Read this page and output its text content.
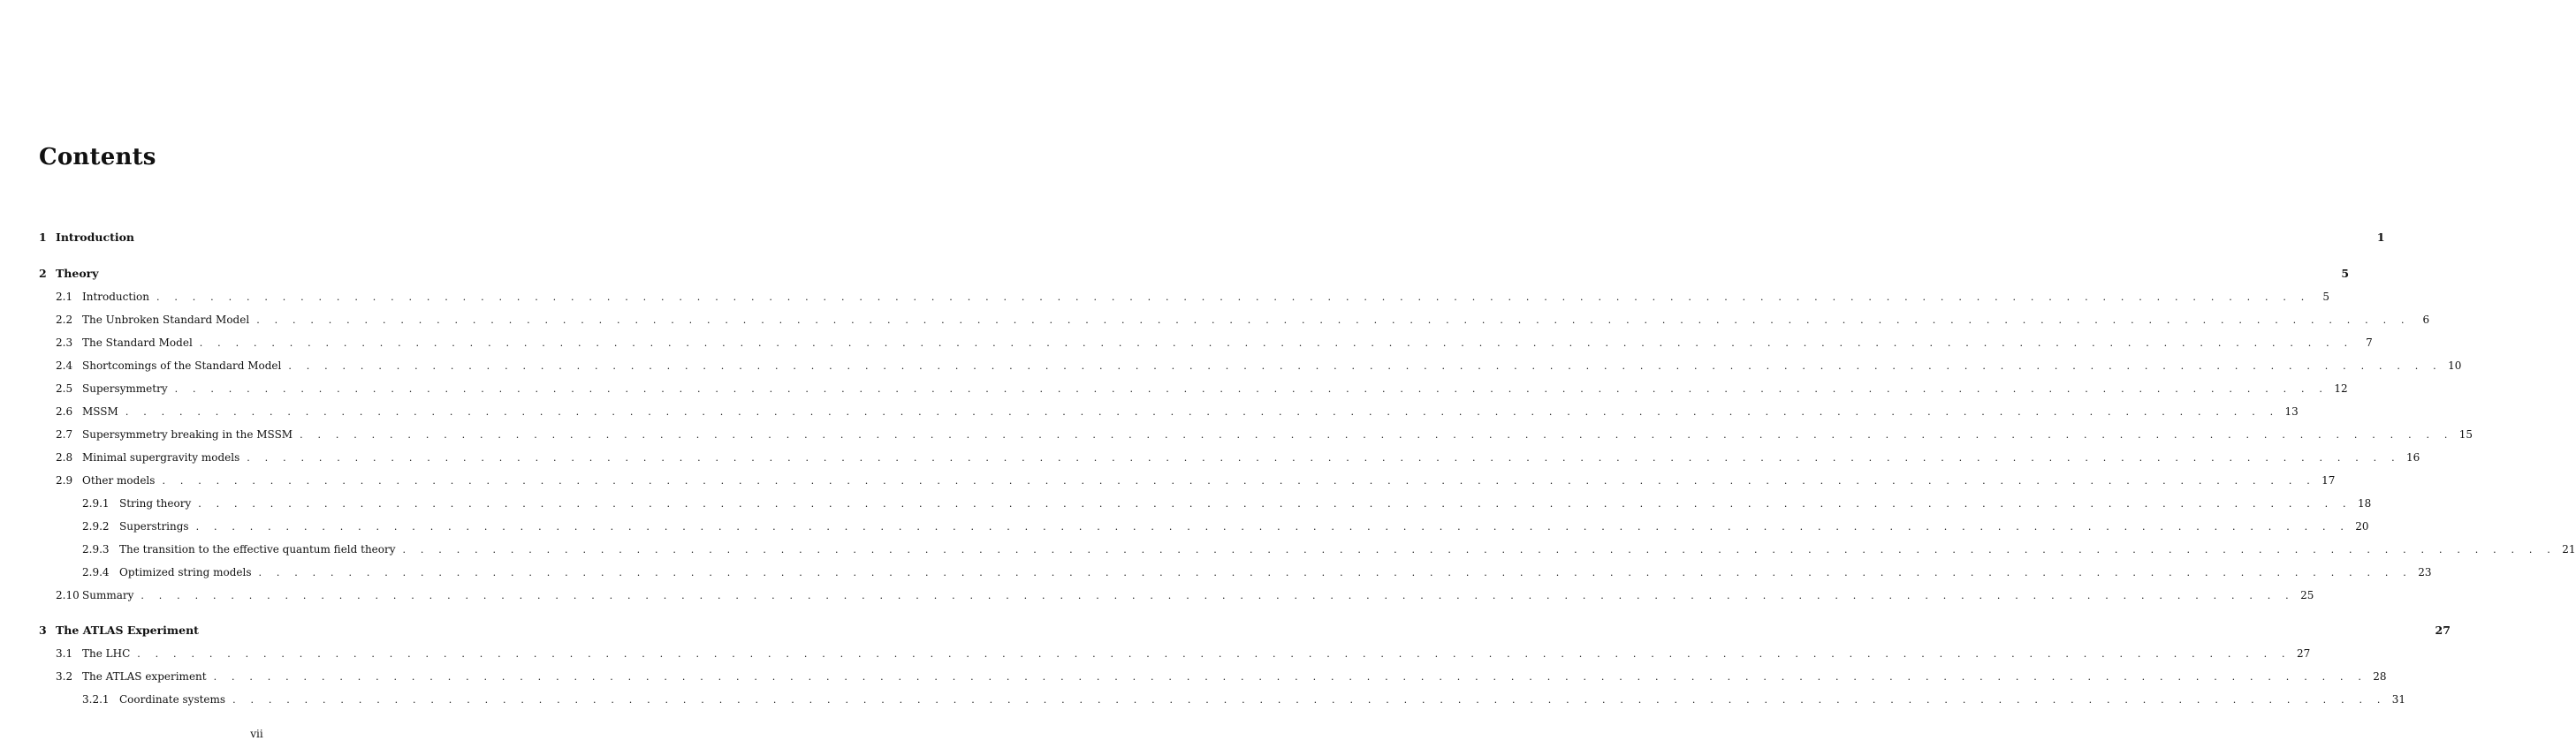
Contents
1 Introduction	1
2 Theory	5
2.1 Introduction . . . . . . . . . . . . . . . . . . . . . . . . . . . . . . . . . . . . . . . . . . . . . . . . . . . . . . . . . . . . . . . . . . . . . . . . . . . . . . . . . . . . . . . . . . . . . . . . . . . . . . . . . . . . . . . . . . . . . . . .	5
2.2 The Unbroken Standard Model . . . . . . . . . . . . . . . . . . . . . . . . . . . . . . . . . . . . . . . . . . . . . . . . . . . . . . . . . . . . . . . . . . . . . . . . . . . . . . . . . . . . . . . . . . . . . . . . . . . . . . . . . . . . . . . . . . . . . . . .	6
2.3 The Standard Model . . . . . . . . . . . . . . . . . . . . . . . . . . . . . . . . . . . . . . . . . . . . . . . . . . . . . . . . . . . . . . . . . . . . . . . . . . . . . . . . . . . . . . . . . . . . . . . . . . . . . . . . . . . . . . . . . . . . . . . .	7
2.4 Shortcomings of the Standard Model . . . . . . . . . . . . . . . . . . . . . . . . . . . . . . . . . . . . . . . . . . . . . . . . . . . . . . . . . . . . . . . . . . . . . . . . . . . . . . . . . . . . . . . . . . . . . . . . . . . . . . . . . . . . . . . . . . . . . . . . 10
2.5 Supersymmetry . . . . . . . . . . . . . . . . . . . . . . . . . . . . . . . . . . . . . . . . . . . . . . . . . . . . . . . . . . . . . . . . . . . . . . . . . . . . . . . . . . . . . . . . . . . . . . . . . . . . . . . . . . . . . . . . . . . . . . . . 12
2.6 MSSM . . . . . . . . . . . . . . . . . . . . . . . . . . . . . . . . . . . . . . . . . . . . . . . . . . . . . . . . . . . . . . . . . . . . . . . . . . . . . . . . . . . . . . . . . . . . . . . . . . . . . . . . . . . . . . . . . . . . . . . . 13
2.7 Supersymmetry breaking in the MSSM . . . . . . . . . . . . . . . . . . . . . . . . . . . . . . . . . . . . . . . . . . . . . . . . . . . . . . . . . . . . . . . . . . . . . . . . . . . . . . . . . . . . . . . . . . . . . . . . . . . . . . . . . . . . . . . . . . . . . . . . 15
2.8 Minimal supergravity models . . . . . . . . . . . . . . . . . . . . . . . . . . . . . . . . . . . . . . . . . . . . . . . . . . . . . . . . . . . . . . . . . . . . . . . . . . . . . . . . . . . . . . . . . . . . . . . . . . . . . . . . . . . . . . . . . . . . . . . . 16
2.9 Other models . . . . . . . . . . . . . . . . . . . . . . . . . . . . . . . . . . . . . . . . . . . . . . . . . . . . . . . . . . . . . . . . . . . . . . . . . . . . . . . . . . . . . . . . . . . . . . . . . . . . . . . . . . . . . . . . . . . . . . . . 17
2.9.1 String theory . . . . . . . . . . . . . . . . . . . . . . . . . . . . . . . . . . . . . . . . . . . . . . . . . . . . . . . . . . . . . . . . . . . . . . . . . . . . . . . . . . . . . . . . . . . . . . . . . . . . . . . . . . . . . . . . . . . . . . . . 18
2.9.2 Superstrings . . . . . . . . . . . . . . . . . . . . . . . . . . . . . . . . . . . . . . . . . . . . . . . . . . . . . . . . . . . . . . . . . . . . . . . . . . . . . . . . . . . . . . . . . . . . . . . . . . . . . . . . . . . . . . . . . . . . . . . . 20
2.9.3 The transition to the effective quantum field theory . . . . . . . . . . . . . . . . . . . . . . . . . . . . . . . . . . . . . . . . . . . . . . . . . . . . . . . . . . . . . . . . . . . . . . . . . . . . . . . . . . . . . . . . . . . . . . . . . . . . . . . . . . . . . . . . . . . . . . . . 21
2.9.4 Optimized string models . . . . . . . . . . . . . . . . . . . . . . . . . . . . . . . . . . . . . . . . . . . . . . . . . . . . . . . . . . . . . . . . . . . . . . . . . . . . . . . . . . . . . . . . . . . . . . . . . . . . . . . . . . . . . . . . . . . . . . . . 23
2.10 Summary . . . . . . . . . . . . . . . . . . . . . . . . . . . . . . . . . . . . . . . . . . . . . . . . . . . . . . . . . . . . . . . . . . . . . . . . . . . . . . . . . . . . . . . . . . . . . . . . . . . . . . . . . . . . . . . . . . . . . . . . 25
3 The ATLAS Experiment	27
3.1 The LHC . . . . . . . . . . . . . . . . . . . . . . . . . . . . . . . . . . . . . . . . . . . . . . . . . . . . . . . . . . . . . . . . . . . . . . . . . . . . . . . . . . . . . . . . . . . . . . . . . . . . . . . . . . . . . . . . . . . . . . . . 27
3.2 The ATLAS experiment . . . . . . . . . . . . . . . . . . . . . . . . . . . . . . . . . . . . . . . . . . . . . . . . . . . . . . . . . . . . . . . . . . . . . . . . . . . . . . . . . . . . . . . . . . . . . . . . . . . . . . . . . . . . . . . . . . . . . . . . 28
3.2.1 Coordinate systems . . . . . . . . . . . . . . . . . . . . . . . . . . . . . . . . . . . . . . . . . . . . . . . . . . . . . . . . . . . . . . . . . . . . . . . . . . . . . . . . . . . . . . . . . . . . . . . . . . . . . . . . . . . . . . . . . . . . . . . . 31
vii
